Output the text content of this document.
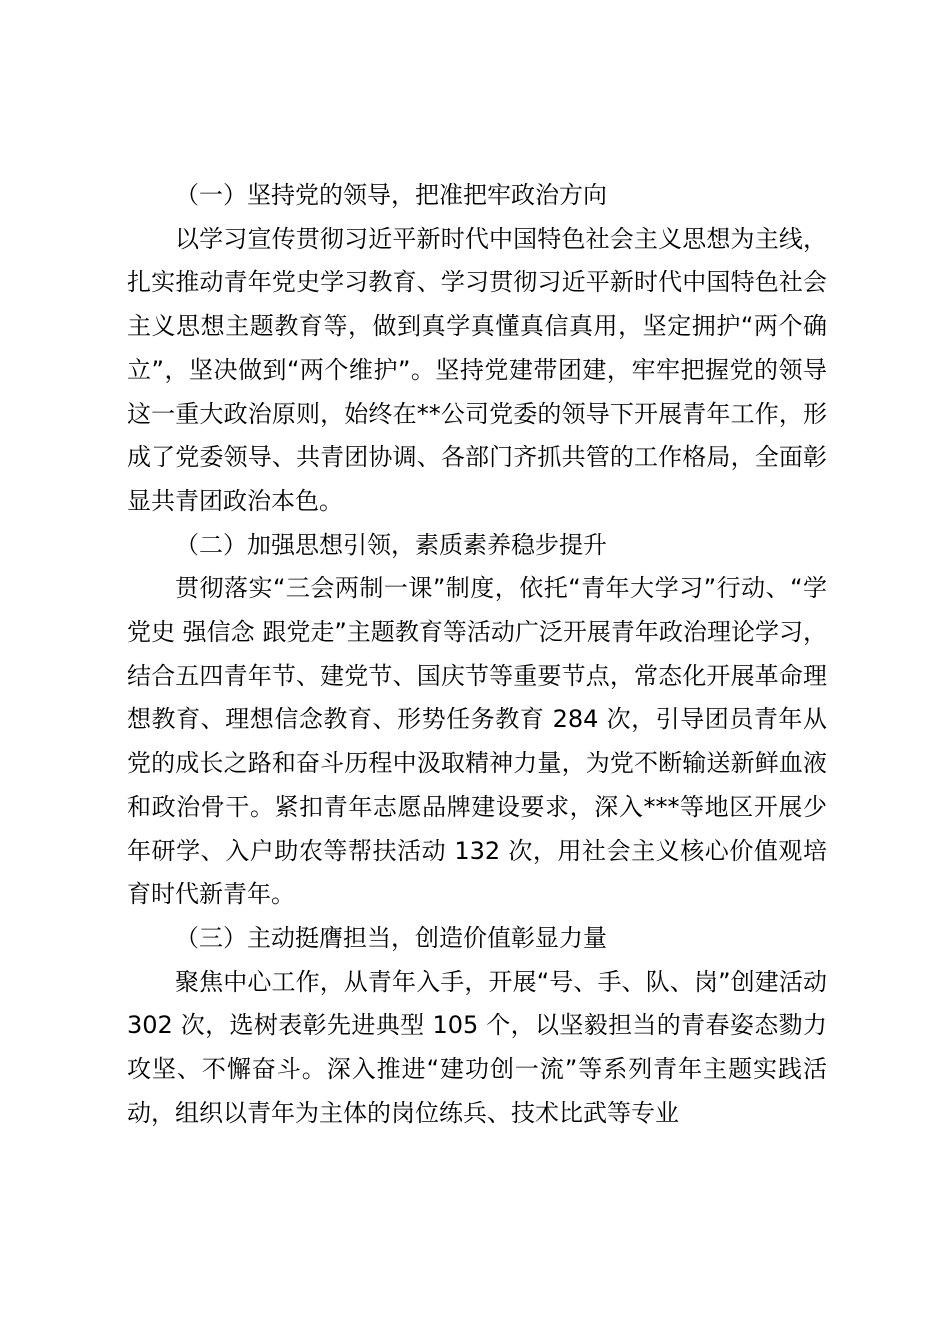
（一）坚持党的领导，把准把牢政治方向

以学习宣传贯彻习近平新时代中国特色社会主义思想为主线，扎实推动青年党史学习教育、学习贯彻习近平新时代中国特色社会主义思想主题教育等，做到真学真懂真信真用，坚定拥护“两个确立”，坚决做到“两个维护”。坚持党建带团建，牢牢把握党的领导这一重大政治原则，始终在**公司党委的领导下开展青年工作，形成了党委领导、共青团协调、各部门齐抓共管的工作格局，全面彰显共青团政治本色。

（二）加强思想引领，素质素养稳步提升

贯彻落实“三会两制一课”制度，依托“青年大学习”行动、“学党史 强信念 跟党走”主题教育等活动广泛开展青年政治理论学习，结合五四青年节、建党节、国庆节等重要节点，常态化开展革命理想教育、理想信念教育、形势任务教育 284 次，引导团员青年从党的成长之路和奋斗历程中汲取精神力量，为党不断输送新鲜血液和政治骨干。紧扣青年志愿品牌建设要求，深入***等地区开展少年研学、入户助农等帮扶活动 132 次，用社会主义核心价值观培育时代新青年。

（三）主动挺膺担当，创造价值彰显力量

聚焦中心工作，从青年入手，开展“号、手、队、岗”创建活动 302 次，选树表彰先进典型 105 个，以坚毅担当的青春姿态勠力攻坚、不懈奋斗。深入推进“建功创一流”等系列青年主题实践活动，组织以青年为主体的岗位练兵、技术比武等专业
